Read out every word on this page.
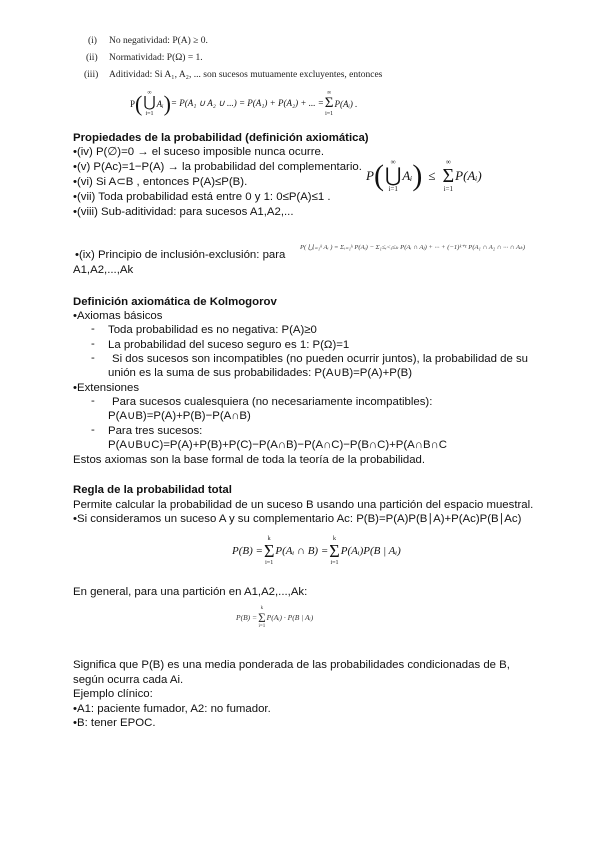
(i) No negatividad: P(A) ≥ 0.
(ii) Normatividad: P(Ω) = 1.
(iii) Aditividad: Si A₁, A₂, ... son sucesos mutuamente excluyentes, entonces
P ( ∞
⋃
i=1
Aᵢ ) = P(A₁ ∪ A₂ ∪ ...) = P(A₁) + P(A₂) + ... =
∞
Σ
i=1
P(Aᵢ) .
Propiedades de la probabilidad (definición axiomática)
•(iv) P(∅)=0 → el suceso imposible nunca ocurre.
•(v) P(Ac)=1−P(A) → la probabilidad del complementario.
•(vi) Si A⊂B , entonces P(A)≤P(B).
•(vii) Toda probabilidad está entre 0 y 1: 0≤P(A)≤1 .
•(viii) Sub-aditividad: para sucesos A1,A2,...
P ( ∞
⋃
i=1
Aᵢ ) ≤
∞
Σ
i=1
P(Aᵢ)
•(ix) Principio de inclusión-exclusión: para
A1,A2,...,Ak
P( ⋃ᵢ₌₁ᵏ Aᵢ ) = Σᵢ₌₁ᵏ P(Aᵢ) − Σ₁≤ᵢ<ⱼ≤ₖ P(Aᵢ ∩ Aⱼ) + ··· + (−1)ᵏ⁺¹ P(A₁ ∩ A₂ ∩ ··· ∩ Aₖ)
Definición axiomática de Kolmogorov
•Axiomas básicos
- Toda probabilidad es no negativa: P(A)≥0
- La probabilidad del suceso seguro es 1: P(Ω)=1
- Si dos sucesos son incompatibles (no pueden ocurrir juntos), la probabilidad de su
unión es la suma de sus probabilidades: P(A∪B)=P(A)+P(B)
•Extensiones
- Para sucesos cualesquiera (no necesariamente incompatibles):
P(A∪B)=P(A)+P(B)−P(A∩B)
- Para tres sucesos:
P(A∪B∪C)=P(A)+P(B)+P(C)−P(A∩B)−P(A∩C)−P(B∩C)+P(A∩B∩C
Estos axiomas son la base formal de toda la teoría de la probabilidad.
Regla de la probabilidad total
Permite calcular la probabilidad de un suceso B usando una partición del espacio muestral.
•Si consideramos un suceso A y su complementario Ac: P(B)=P(A)P(B∣A)+P(Ac)P(B∣Ac)
P(B) =
k
Σ
i=1
P(Aᵢ ∩ B) =
k
Σ
i=1
P(Aᵢ)P(B | Aᵢ)
En general, para una partición en A1,A2,...,Ak:
P(B) =
k
Σ
i=1
P(Aᵢ) · P(B | Aᵢ)
Significa que P(B) es una media ponderada de las probabilidades condicionadas de B,
según ocurra cada Ai.
Ejemplo clínico:
•A1: paciente fumador, A2: no fumador.
•B: tener EPOC.
